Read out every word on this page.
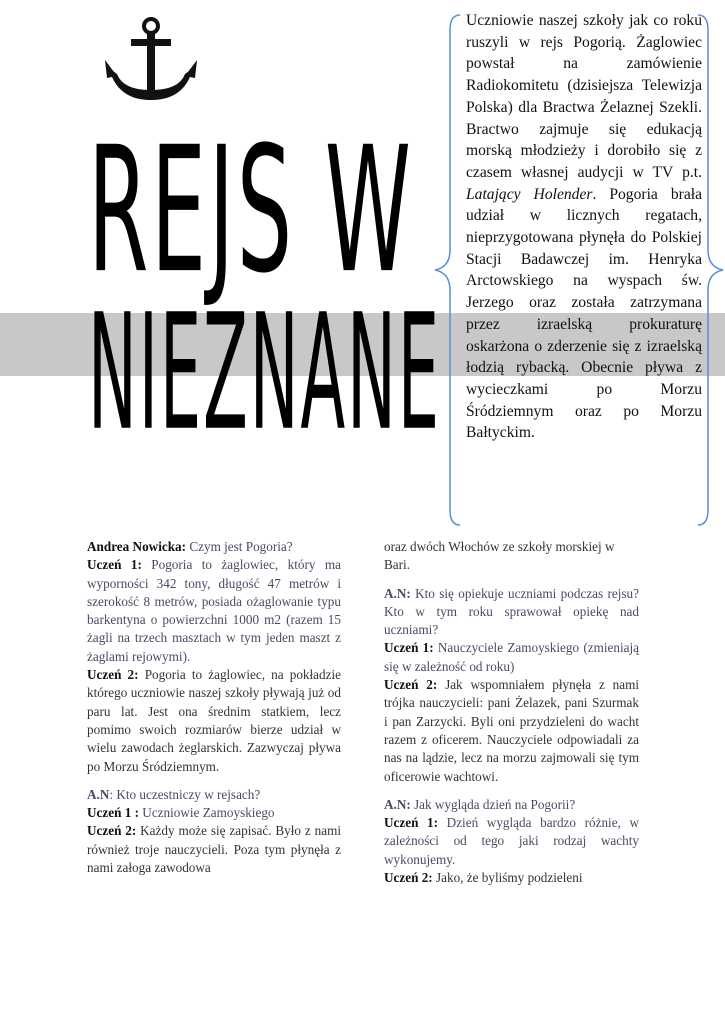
REJS W
NIEZNANE
Uczniowie naszej szkoły jak co roku ruszyli w rejs Pogorią. Żaglowiec powstał na zamówienie Radiokomitetu (dzisiejsza Telewizja Polska) dla Bractwa Żelaznej Szekli. Bractwo zajmuje się edukacją morską młodzieży i dorobiło się z czasem własnej audycji w TV p.t. Latający Holender. Pogoria brała udział w licznych regatach, nieprzygotowana płynęła do Polskiej Stacji Badawczej im. Henryka Arctowskiego na wyspach św. Jerzego oraz została zatrzymana przez izraelską prokuraturę oskarżona o zderzenie się z izraelską łodzią rybacką. Obecnie pływa z wycieczkami po Morzu Śródziemnym oraz po Morzu Bałtyckim.

Andrea Nowicka: Czym jest Pogoria?

Uczeń 1: Pogoria to żaglowiec, który ma wyporności 342 tony, długość 47 metrów i szerokość 8 metrów, posiada ożaglowanie typu barkentyna o powierzchni 1000 m2 (razem 15 żagli na trzech masztach w tym jeden maszt z żaglami rejowymi).

Uczeń 2: Pogoria to żaglowiec, na pokładzie którego uczniowie naszej szkoły pływają już od paru lat. Jest ona średnim statkiem, lecz pomimo swoich rozmiarów bierze udział w wielu zawodach żeglarskich. Zazwyczaj pływa po Morzu Śródziemnym.

A.N: Kto uczestniczy w rejsach?

Uczeń 1 : Uczniowie Zamoyskiego

Uczeń 2: Każdy może się zapisać. Było z nami również troje nauczycieli. Poza tym płynęła z nami załoga zawodowa

oraz dwóch Włochów ze szkoły morskiej w Bari.

A.N: Kto się opiekuje uczniami podczas rejsu? Kto w tym roku sprawował opiekę nad uczniami?

Uczeń 1: Nauczyciele Zamoyskiego (zmieniają się w zależność od roku)

Uczeń 2: Jak wspomniałem płynęła z nami trójka nauczycieli: pani Żelazek, pani Szurmak i pan Zarzycki. Byli oni przydzieleni do wacht razem z oficerem. Nauczyciele odpowiadali za nas na lądzie, lecz na morzu zajmowali się tym oficerowie wachtowi.

A.N: Jak wygląda dzień na Pogorii?

Uczeń 1: Dzień wygląda bardzo różnie, w zależności od tego jaki rodzaj wachty wykonujemy.

Uczeń 2: Jako, że byliśmy podzieleni
